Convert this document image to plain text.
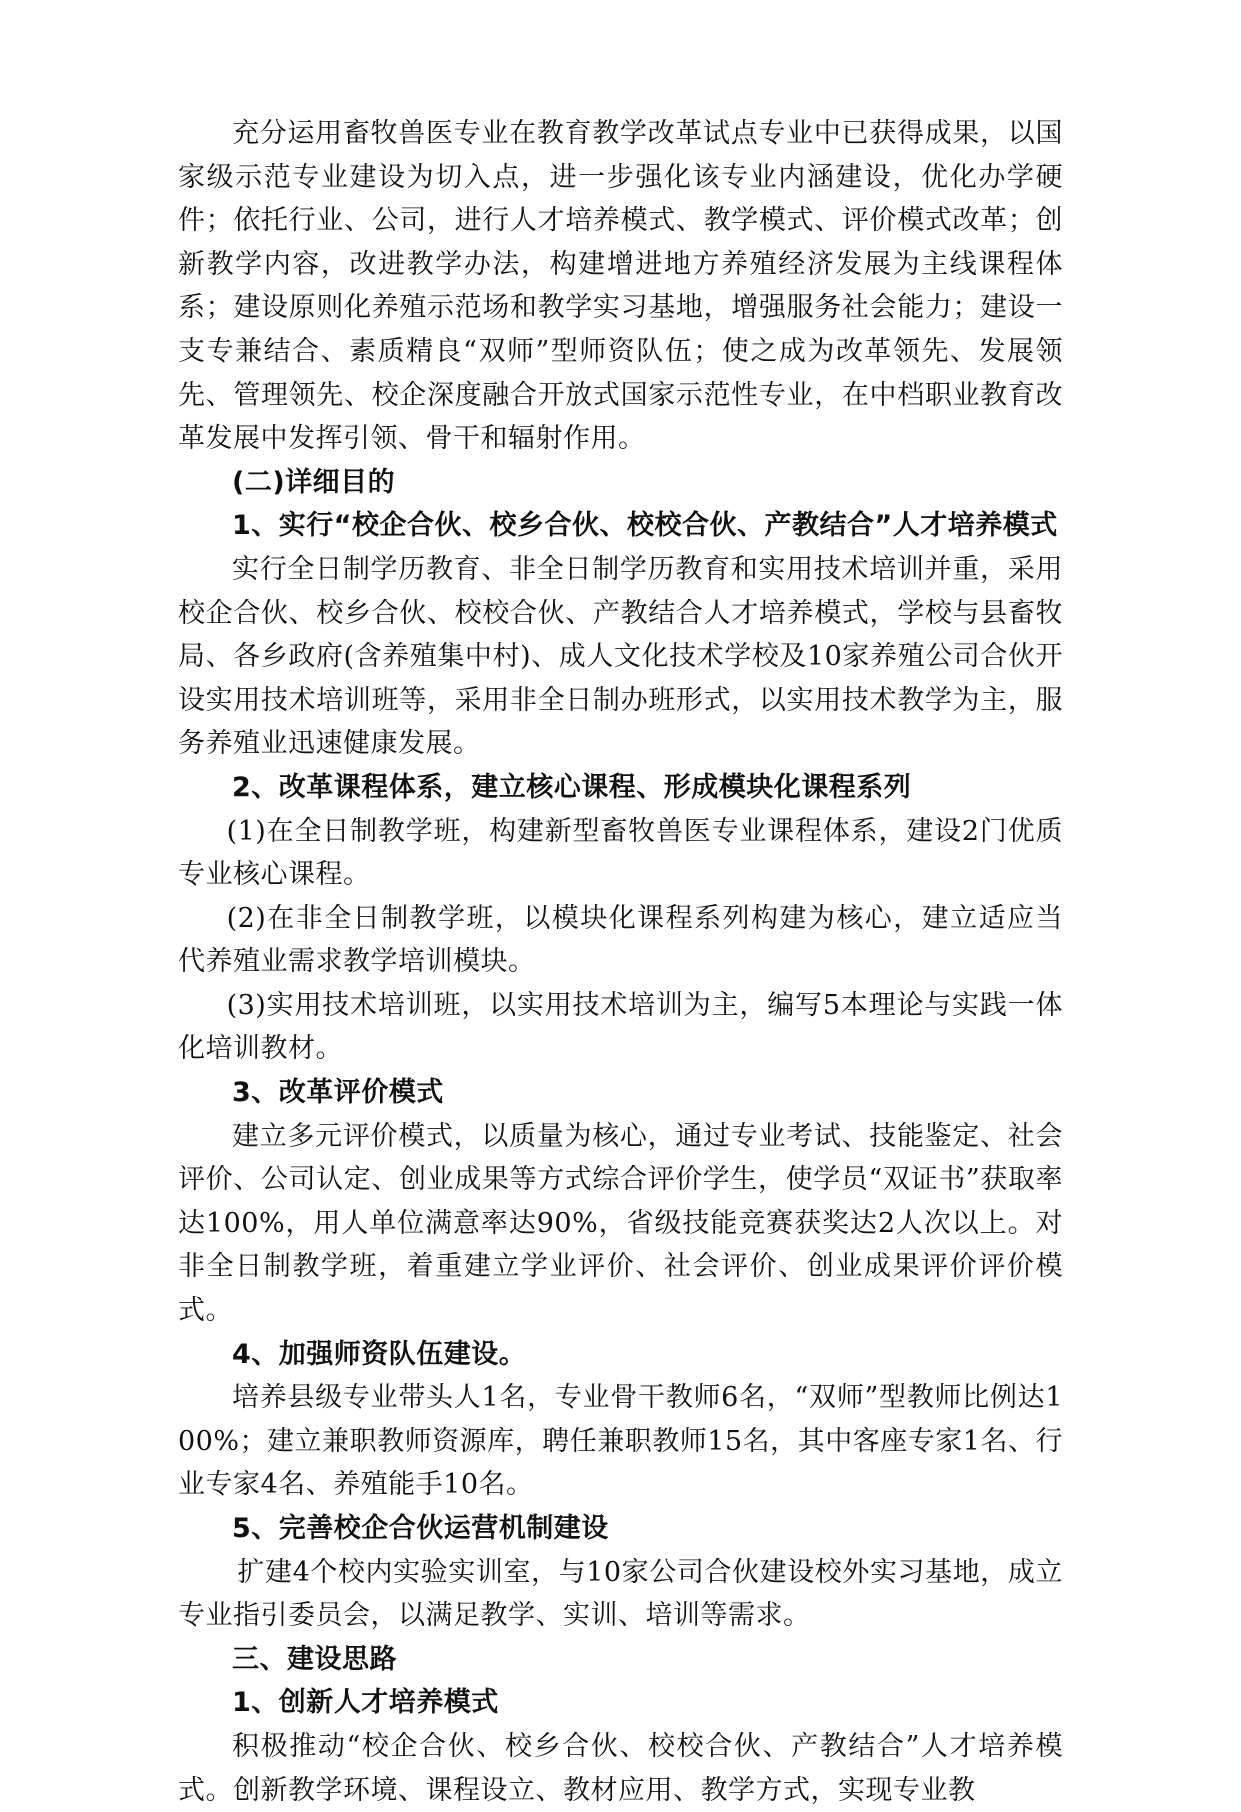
充分运用畜牧兽医专业在教育教学改革试点专业中已获得成果，以国家级示范专业建设为切入点，进一步强化该专业内涵建设，优化办学硬件；依托行业、公司，进行人才培养模式、教学模式、评价模式改革；创新教学内容，改进教学办法，构建增进地方养殖经济发展为主线课程体系；建设原则化养殖示范场和教学实习基地，增强服务社会能力；建设一支专兼结合、素质精良“双师”型师资队伍；使之成为改革领先、发展领先、管理领先、校企深度融合开放式国家示范性专业，在中档职业教育改革发展中发挥引领、骨干和辐射作用。

(二)详细目的

1、实行“校企合伙、校乡合伙、校校合伙、产教结合”人才培养模式

实行全日制学历教育、非全日制学历教育和实用技术培训并重，采用校企合伙、校乡合伙、校校合伙、产教结合人才培养模式，学校与县畜牧局、各乡政府(含养殖集中村)、成人文化技术学校及10家养殖公司合伙开设实用技术培训班等，采用非全日制办班形式，以实用技术教学为主，服务养殖业迅速健康发展。

2、改革课程体系，建立核心课程、形成模块化课程系列

(1)在全日制教学班，构建新型畜牧兽医专业课程体系，建设2门优质专业核心课程。

(2)在非全日制教学班，以模块化课程系列构建为核心，建立适应当代养殖业需求教学培训模块。

(3)实用技术培训班，以实用技术培训为主，编写5本理论与实践一体化培训教材。

3、改革评价模式

建立多元评价模式，以质量为核心，通过专业考试、技能鉴定、社会评价、公司认定、创业成果等方式综合评价学生，使学员“双证书”获取率达100%，用人单位满意率达90%，省级技能竞赛获奖达2人次以上。对非全日制教学班，着重建立学业评价、社会评价、创业成果评价评价模式。

4、加强师资队伍建设。

培养县级专业带头人1名，专业骨干教师6名，“双师”型教师比例达100%；建立兼职教师资源库，聘任兼职教师15名，其中客座专家1名、行业专家4名、养殖能手10名。

5、完善校企合伙运营机制建设

扩建4个校内实验实训室，与10家公司合伙建设校外实习基地，成立专业指引委员会，以满足教学、实训、培训等需求。

三、建设思路

1、创新人才培养模式

积极推动“校企合伙、校乡合伙、校校合伙、产教结合”人才培养模式。创新教学环境、课程设立、教材应用、教学方式，实现专业教
